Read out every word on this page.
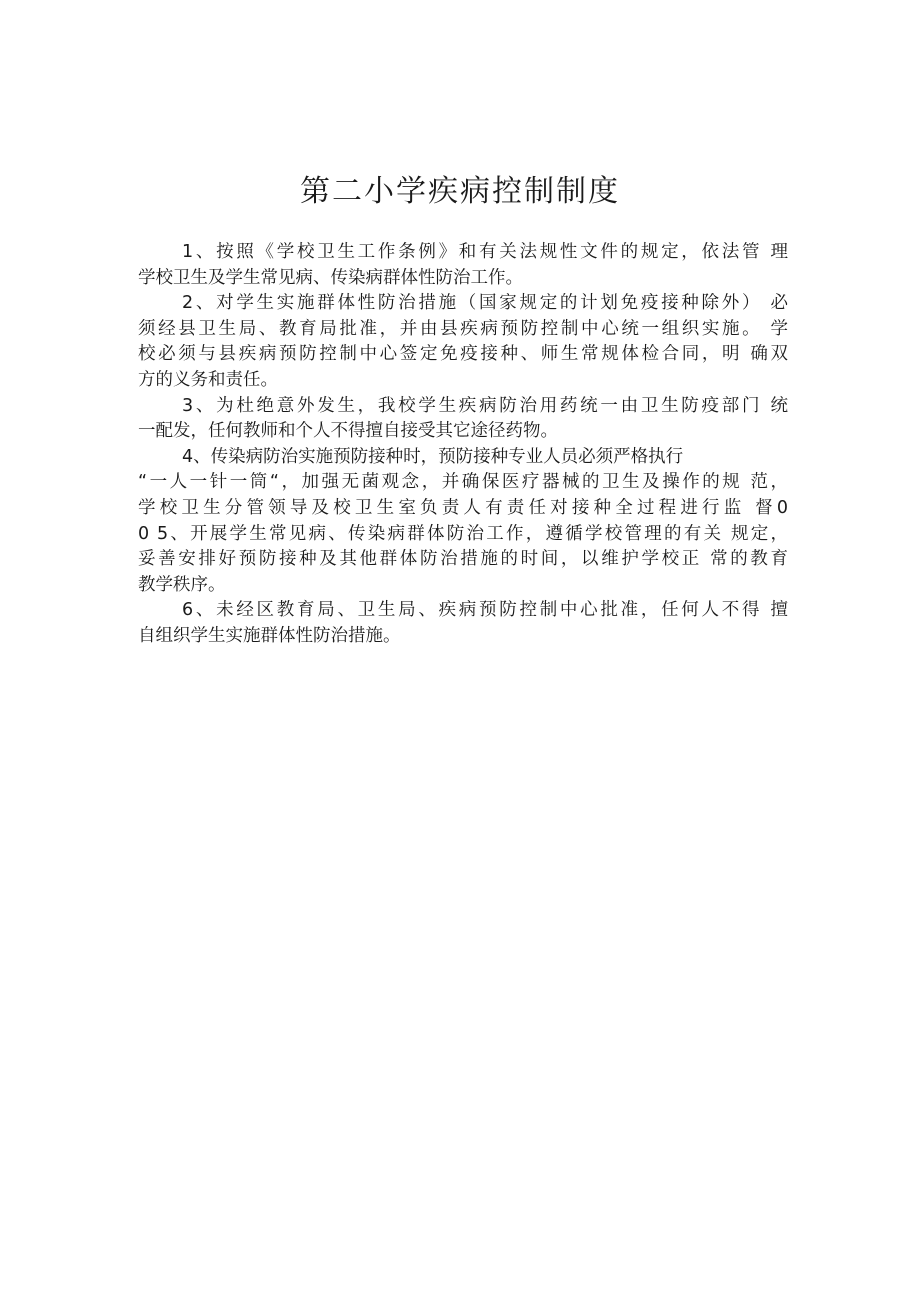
第二小学疾病控制制度
1、按照《学校卫生工作条例》和有关法规性文件的规定，依法管 理
学校卫生及学生常见病、传染病群体性防治工作。
2、对学生实施群体性防治措施（国家规定的计划免疫接种除外） 必
须经县卫生局、教育局批准，并由县疾病预防控制中心统一组织实施。 学
校必须与县疾病预防控制中心签定免疫接种、师生常规体检合同，明 确双
方的义务和责任。
3、为杜绝意外发生，我校学生疾病防治用药统一由卫生防疫部门 统
一配发，任何教师和个人不得擅自接受其它途径药物。
4、传染病防治实施预防接种时，预防接种专业人员必须严格执行
“一人一针一筒“，加强无菌观念，并确保医疗器械的卫生及操作的规 范，
学校卫生分管领导及校卫生室负责人有责任对接种全过程进行监 督0
0 5、开展学生常见病、传染病群体防治工作，遵循学校管理的有关 规定，
妥善安排好预防接种及其他群体防治措施的时间，以维护学校正 常的教育
教学秩序。
6、未经区教育局、卫生局、疾病预防控制中心批准，任何人不得 擅
自组织学生实施群体性防治措施。
